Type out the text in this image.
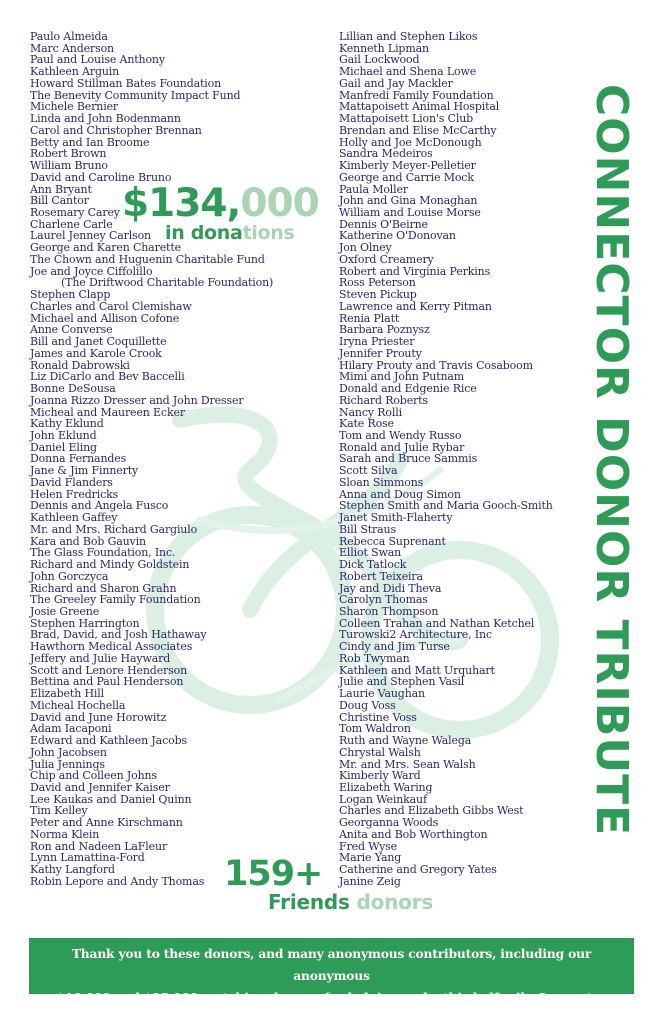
Paulo Almeida
Marc Anderson
Paul and Louise Anthony
Kathleen Arguin
Howard Stillman Bates Foundation
The Benevity Community Impact Fund
Michele Bernier
Linda and John Bodenmann
Carol and Christopher Brennan
Betty and Ian Broome
Robert Brown
William Bruno
David and Caroline Bruno
Ann Bryant
Bill Cantor
Rosemary Carey
Charlene Carle
Laurel Jenney Carlson
George and Karen Charette
The Chown and Huguenin Charitable Fund
Joe and Joyce Ciffolillo
(The Driftwood Charitable Foundation)
Stephen Clapp
Charles and Carol Clemishaw
Michael and Allison Cofone
Anne Converse
Bill and Janet Coquillette
James and Karole Crook
Ronald Dabrowski
Liz DiCarlo and Bev Baccelli
Bonne DeSousa
Joanna Rizzo Dresser and John Dresser
Micheal and Maureen Ecker
Kathy Eklund
John Eklund
Daniel Eling
Donna Fernandes
Jane & Jim Finnerty
David Flanders
Helen Fredricks
Dennis and Angela Fusco
Kathleen Gaffey
Mr. and Mrs. Richard Gargiulo
Kara and Bob Gauvin
The Glass Foundation, Inc.
Richard and Mindy Goldstein
John Gorczyca
Richard and Sharon Grahn
The Greeley Family Foundation
Josie Greene
Stephen Harrington
Brad, David, and Josh Hathaway
Hawthorn Medical Associates
Jeffery and Julie Hayward
Scott and Lenore Henderson
Bettina and Paul Henderson
Elizabeth Hill
Micheal Hochella
David and June Horowitz
Adam Iacaponi
Edward and Kathleen Jacobs
John Jacobsen
Julia Jennings
Chip and Colleen Johns
David and Jennifer Kaiser
Lee Kaukas and Daniel Quinn
Tim Kelley
Peter and Anne Kirschmann
Norma Klein
Ron and Nadeen LaFleur
Lynn Lamattina-Ford
Kathy Langford
Robin Lepore and Andy Thomas
Lillian and Stephen Likos
Kenneth Lipman
Gail Lockwood
Michael and Shena Lowe
Gail and Jay Mackler
Manfredi Family Foundation
Mattapoisett Animal Hospital
Mattapoisett Lion's Club
Brendan and Elise McCarthy
Holly and Joe McDonough
Sandra Medeiros
Kimberly Meyer-Pelletier
George and Carrie Mock
Paula Moller
John and Gina Monaghan
William and Louise Morse
Dennis O'Beirne
Katherine O'Donovan
Jon Olney
Oxford Creamery
Robert and Virginia Perkins
Ross Peterson
Steven Pickup
Lawrence and Kerry Pitman
Renia Platt
Barbara Poznysz
Iryna Priester
Jennifer Prouty
Hilary Prouty and Travis Cosaboom
Mimi and John Putnam
Donald and Edgenie Rice
Richard Roberts
Nancy Rolli
Kate Rose
Tom and Wendy Russo
Ronald and Julie Rybar
Sarah and Bruce Sammis
Scott Silva
Sloan Simmons
Anna and Doug Simon
Stephen Smith and Maria Gooch-Smith
Janet Smith-Flaherty
Bill Straus
Rebecca Suprenant
Elliot Swan
Dick Tatlock
Robert Teixeira
Jay and Didi Theva
Carolyn Thomas
Sharon Thompson
Colleen Trahan and Nathan Ketchel
Turowski2 Architecture, Inc
Cindy and Jim Turse
Rob Twyman
Kathleen and Matt Urquhart
Julie and Stephen Vasil
Laurie Vaughan
Doug Voss
Christine Voss
Tom Waldron
Ruth and Wayne Walega
Chrystal Walsh
Mr. and Mrs. Sean Walsh
Kimberly Ward
Elizabeth Waring
Logan Weinkauf
Charles and Elizabeth Gibbs West
Georganna Woods
Anita and Bob Worthington
Fred Wyse
Marie Yang
Catherine and Gregory Yates
Janine Zeig
$134,000
in donations
159+
Friends donors
CONNECTOR DONOR TRIBUTE
Thank you to these donors, and many anonymous contributors, including our anonymous
$10,000 and $25,000 matching donors, for helping make this half-mile Connector possible.
